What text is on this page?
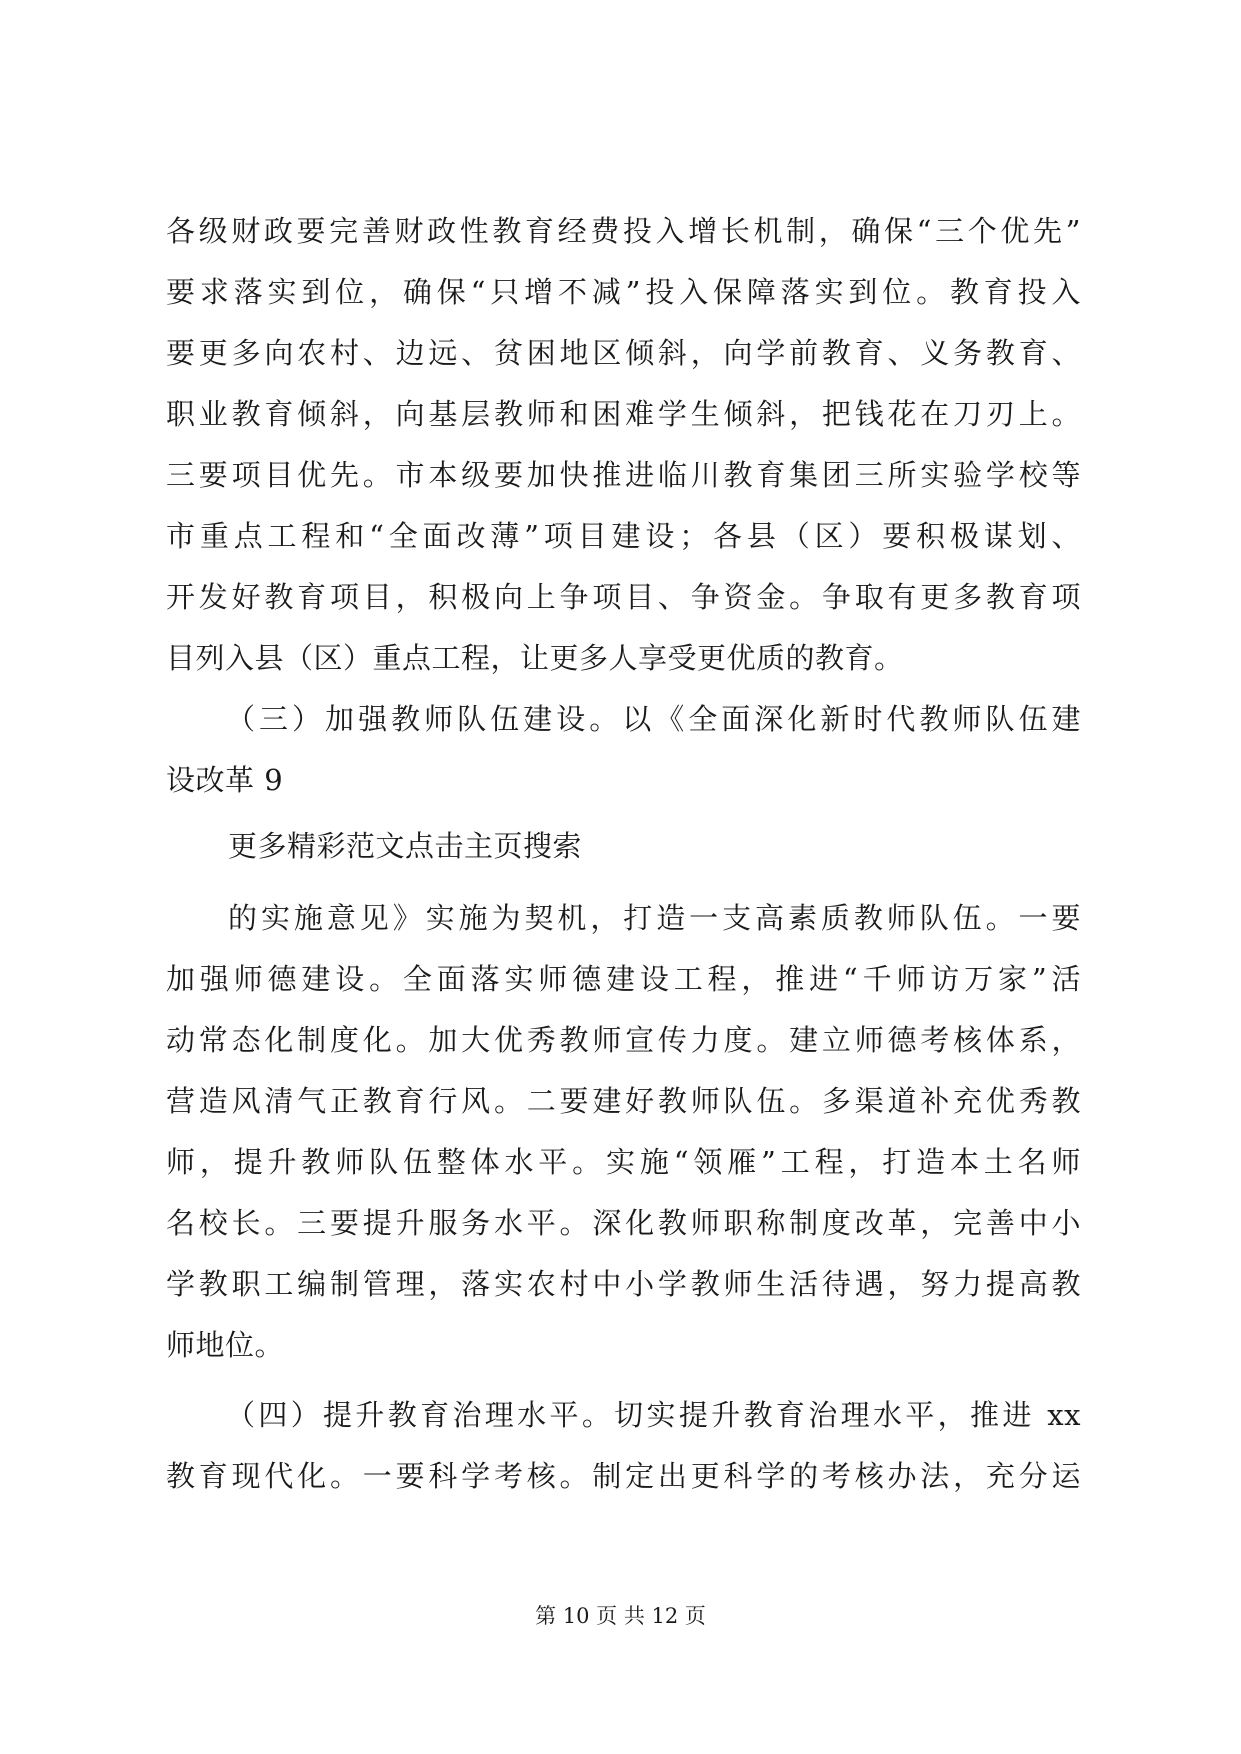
各级财政要完善财政性教育经费投入增长机制，确保“三个优先”
要求落实到位，确保“只增不减”投入保障落实到位。教育投入
要更多向农村、边远、贫困地区倾斜，向学前教育、义务教育、
职业教育倾斜，向基层教师和困难学生倾斜，把钱花在刀刃上。
三要项目优先。市本级要加快推进临川教育集团三所实验学校等
市重点工程和“全面改薄”项目建设；各县（区）要积极谋划、
开发好教育项目，积极向上争项目、争资金。争取有更多教育项
目列入县（区）重点工程，让更多人享受更优质的教育。
（三）加强教师队伍建设。以《全面深化新时代教师队伍建
设改革 9
更多精彩范文点击主页搜索
的实施意见》实施为契机，打造一支高素质教师队伍。一要
加强师德建设。全面落实师德建设工程，推进“千师访万家”活
动常态化制度化。加大优秀教师宣传力度。建立师德考核体系，
营造风清气正教育行风。二要建好教师队伍。多渠道补充优秀教
师，提升教师队伍整体水平。实施“领雁”工程，打造本土名师
名校长。三要提升服务水平。深化教师职称制度改革，完善中小
学教职工编制管理，落实农村中小学教师生活待遇，努力提高教
师地位。
（四）提升教育治理水平。切实提升教育治理水平，推进 xx
教育现代化。一要科学考核。制定出更科学的考核办法，充分运
第 10 页 共 12 页
